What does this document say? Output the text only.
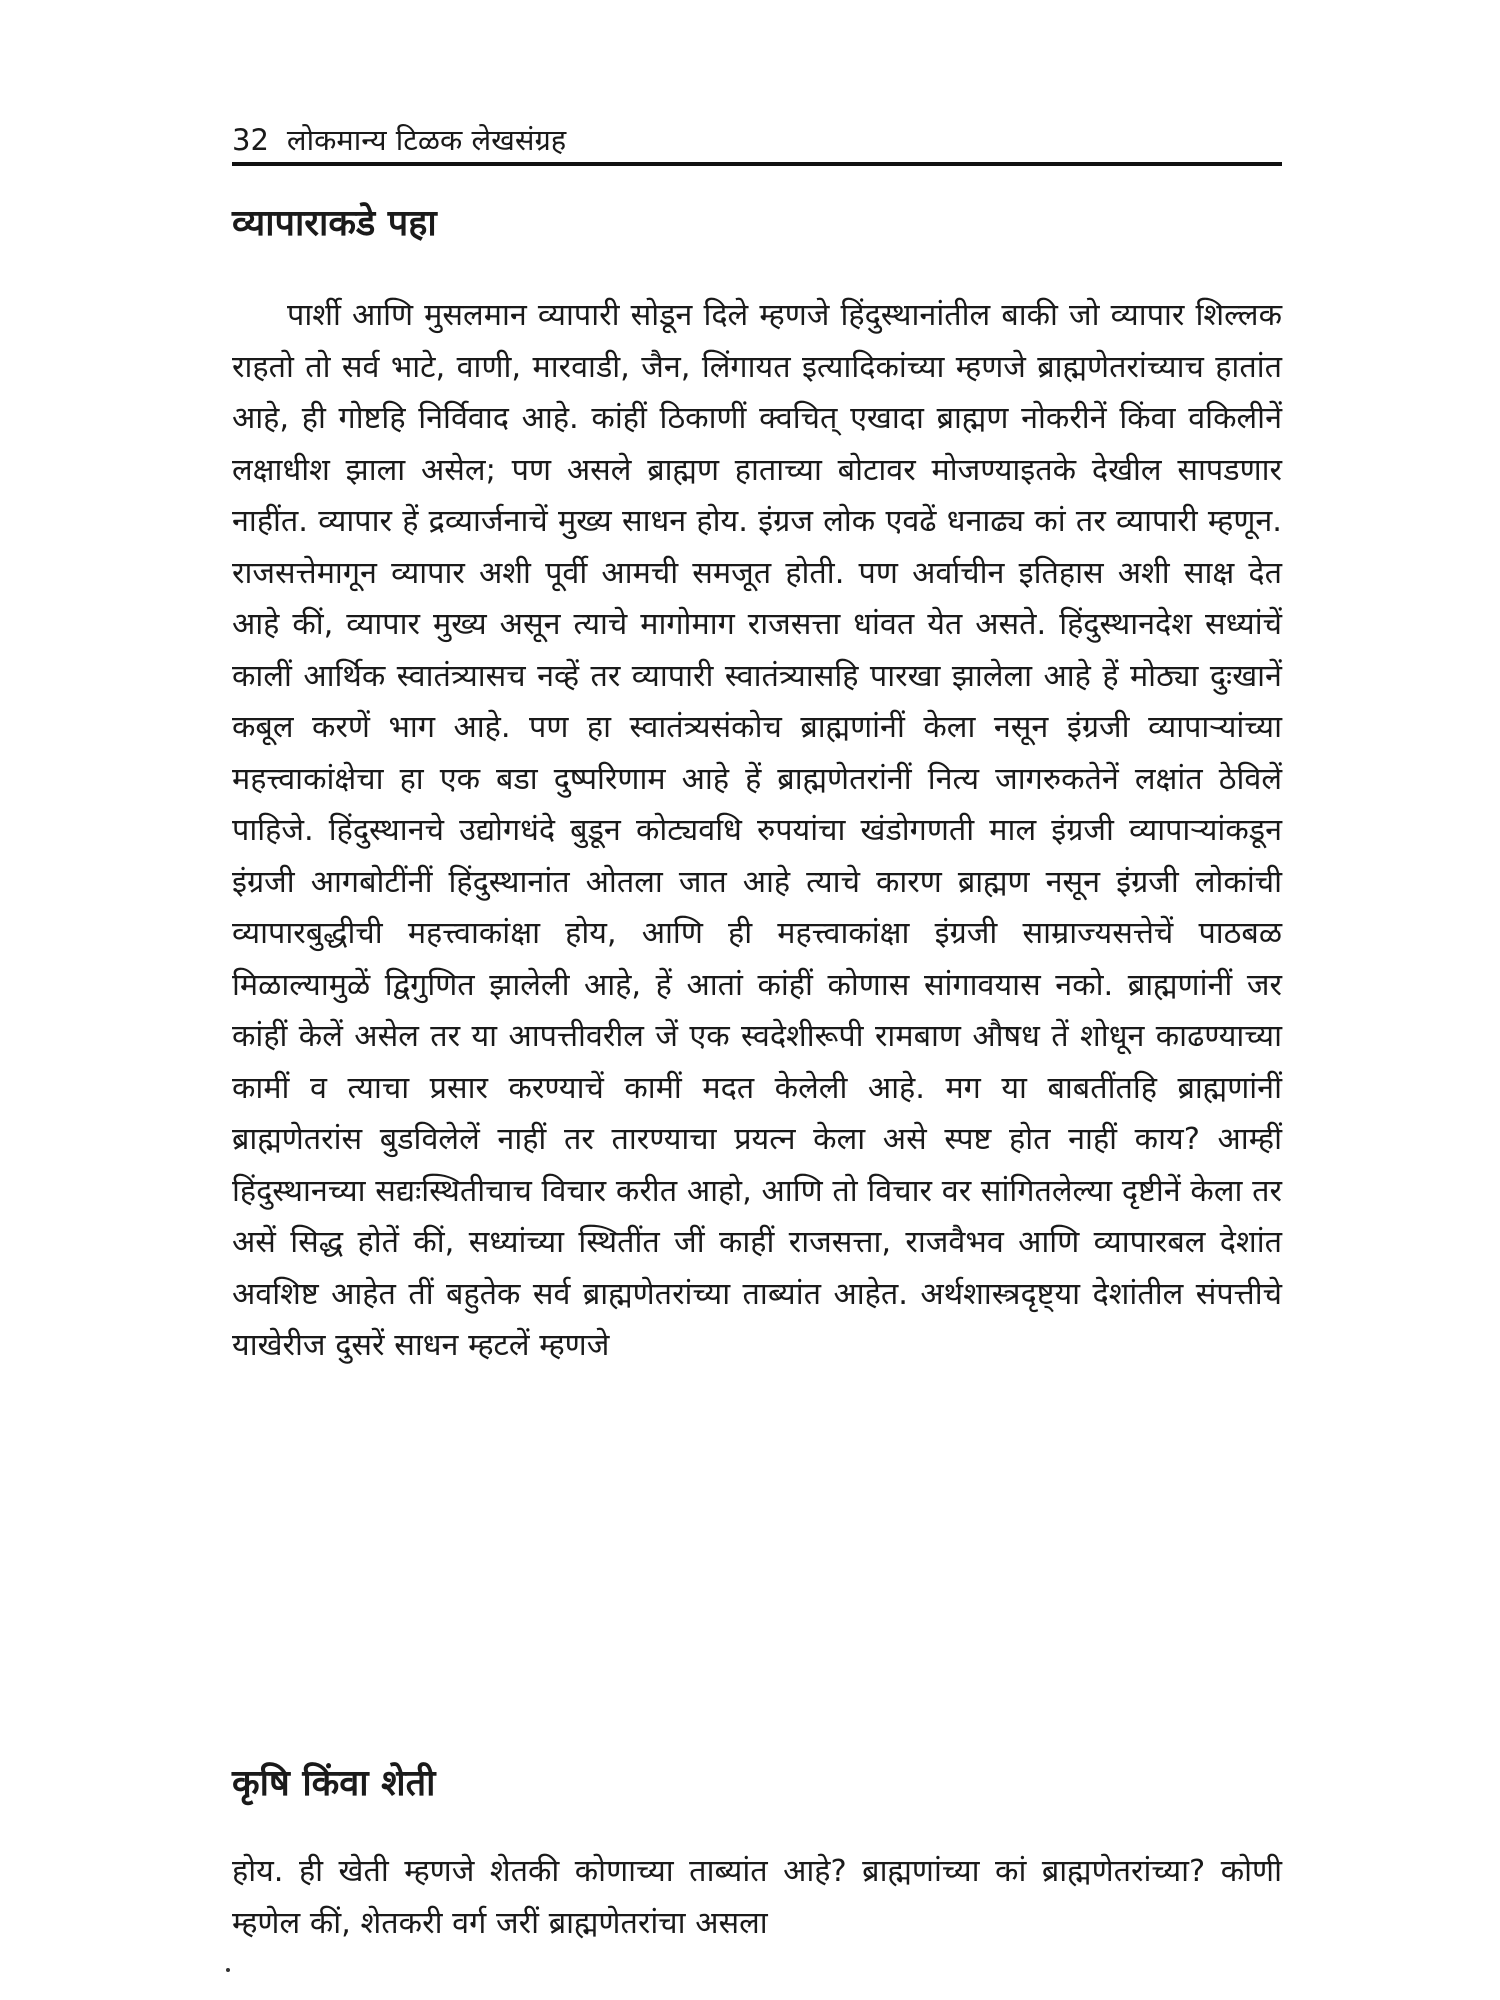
32 लोकमान्य टिळक लेखसंग्रह
व्यापाराकडे पहा

पार्शी आणि मुसलमान व्यापारी सोडून दिले म्हणजे हिंदुस्थानांतील बाकी जो व्यापार शिल्लक राहतो तो सर्व भाटे, वाणी, मारवाडी, जैन, लिंगायत इत्यादिकांच्या म्हणजे ब्राह्मणेतरांच्याच हातांत आहे, ही गोष्टहि निर्विवाद आहे. कांहीं ठिकाणीं क्वचित् एखादा ब्राह्मण नोकरीनें किंवा वकिलीनें लक्षाधीश झाला असेल; पण असले ब्राह्मण हाताच्या बोटावर मोजण्याइतके देखील सापडणार नाहींत. व्यापार हें द्रव्यार्जनाचें मुख्य साधन होय. इंग्रज लोक एवढें धनाढ्य कां तर व्यापारी म्हणून. राजसत्तेमागून व्यापार अशी पूर्वी आमची समजूत होती. पण अर्वाचीन इतिहास अशी साक्ष देत आहे कीं, व्यापार मुख्य असून त्याचे मागोमाग राजसत्ता धांवत येत असते. हिंदुस्थानदेश सध्यांचें कालीं आर्थिक स्वातंत्र्यासच नव्हें तर व्यापारी स्वातंत्र्यासहि पारखा झालेला आहे हें मोठ्या दुःखानें कबूल करणें भाग आहे. पण हा स्वातंत्र्यसंकोच ब्राह्मणांनीं केला नसून इंग्रजी व्यापाऱ्यांच्या महत्त्वाकांक्षेचा हा एक बडा दुष्परिणाम आहे हें ब्राह्मणेतरांनीं नित्य जागरुकतेनें लक्षांत ठेविलें पाहिजे. हिंदुस्थानचे उद्योगधंदे बुडून कोट्यवधि रुपयांचा खंडोगणती माल इंग्रजी व्यापाऱ्यांकडून इंग्रजी आगबोटींनीं हिंदुस्थानांत ओतला जात आहे त्याचे कारण ब्राह्मण नसून इंग्रजी लोकांची व्यापारबुद्धीची महत्त्वाकांक्षा होय, आणि ही महत्त्वाकांक्षा इंग्रजी साम्राज्यसत्तेचें पाठबळ मिळाल्यामुळें द्विगुणित झालेली आहे, हें आतां कांहीं कोणास सांगावयास नको. ब्राह्मणांनीं जर कांहीं केलें असेल तर या आपत्तीवरील जें एक स्वदेशीरूपी रामबाण औषध तें शोधून काढण्याच्या कामीं व त्याचा प्रसार करण्याचें कामीं मदत केलेली आहे. मग या बाबतींतहि ब्राह्मणांनीं ब्राह्मणेतरांस बुडविलेलें नाहीं तर तारण्याचा प्रयत्न केला असे स्पष्ट होत नाहीं काय? आम्हीं हिंदुस्थानच्या सद्यःस्थितीचाच विचार करीत आहो, आणि तो विचार वर सांगितलेल्या दृष्टीनें केला तर असें सिद्ध होतें कीं, सध्यांच्या स्थितींत जीं काहीं राजसत्ता, राजवैभव आणि व्यापारबल देशांत अवशिष्ट आहेत तीं बहुतेक सर्व ब्राह्मणेतरांच्या ताब्यांत आहेत. अर्थशास्त्रदृष्ट्या देशांतील संपत्तीचे याखेरीज दुसरें साधन म्हटलें म्हणजे

कृषि किंवा शेती

होय. ही खेती म्हणजे शेतकी कोणाच्या ताब्यांत आहे? ब्राह्मणांच्या कां ब्राह्मणेतरांच्या? कोणी म्हणेल कीं, शेतकरी वर्ग जरीं ब्राह्मणेतरांचा असला
